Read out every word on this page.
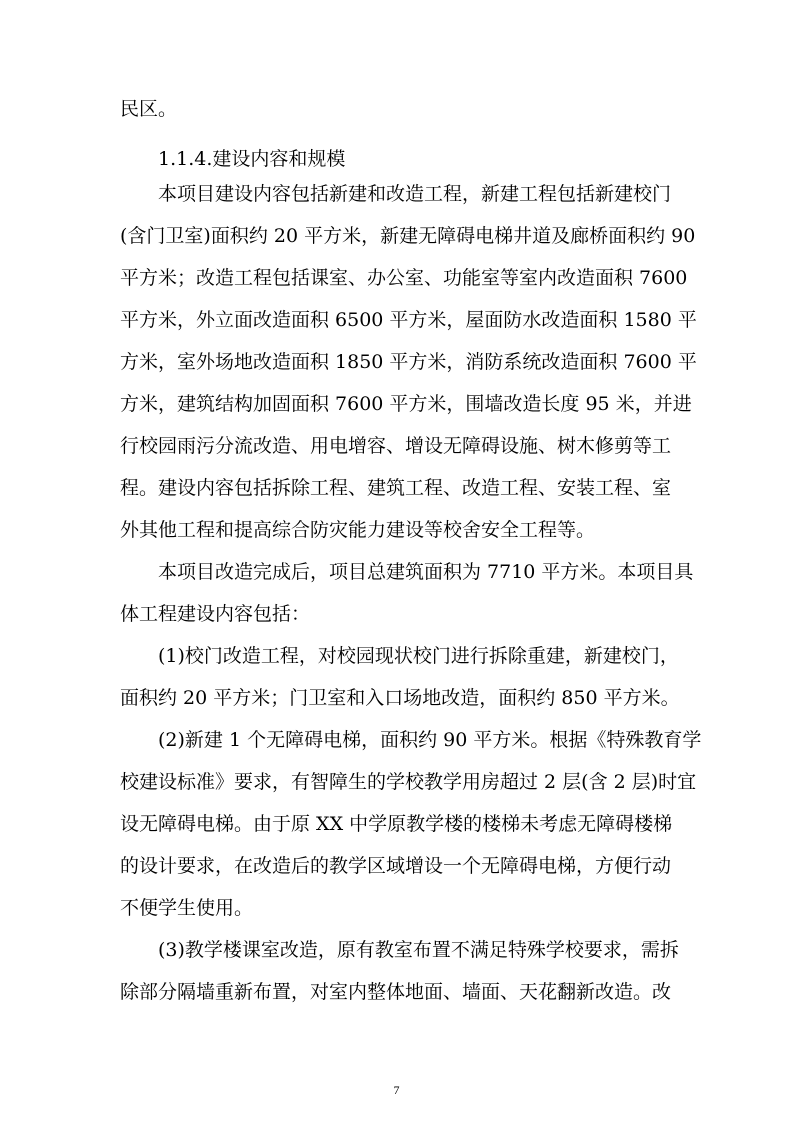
民区。
1.1.4.建设内容和规模
本项目建设内容包括新建和改造工程，新建工程包括新建校门
(含门卫室)面积约 20 平方米，新建无障碍电梯井道及廊桥面积约 90
平方米；改造工程包括课室、办公室、功能室等室内改造面积 7600
平方米，外立面改造面积 6500 平方米，屋面防水改造面积 1580 平
方米，室外场地改造面积 1850 平方米，消防系统改造面积 7600 平
方米，建筑结构加固面积 7600 平方米，围墙改造长度 95 米，并进
行校园雨污分流改造、用电增容、增设无障碍设施、树木修剪等工
程。建设内容包括拆除工程、建筑工程、改造工程、安装工程、室
外其他工程和提高综合防灾能力建设等校舍安全工程等。
本项目改造完成后，项目总建筑面积为 7710 平方米。本项目具
体工程建设内容包括：
(1)校门改造工程，对校园现状校门进行拆除重建，新建校门，
面积约 20 平方米；门卫室和入口场地改造，面积约 850 平方米。
(2)新建 1 个无障碍电梯，面积约 90 平方米。根据《特殊教育学
校建设标准》要求，有智障生的学校教学用房超过 2 层(含 2 层)时宜
设无障碍电梯。由于原 XX 中学原教学楼的楼梯未考虑无障碍楼梯
的设计要求，在改造后的教学区域增设一个无障碍电梯，方便行动
不便学生使用。
(3)教学楼课室改造，原有教室布置不满足特殊学校要求，需拆
除部分隔墙重新布置，对室内整体地面、墙面、天花翻新改造。改
7
